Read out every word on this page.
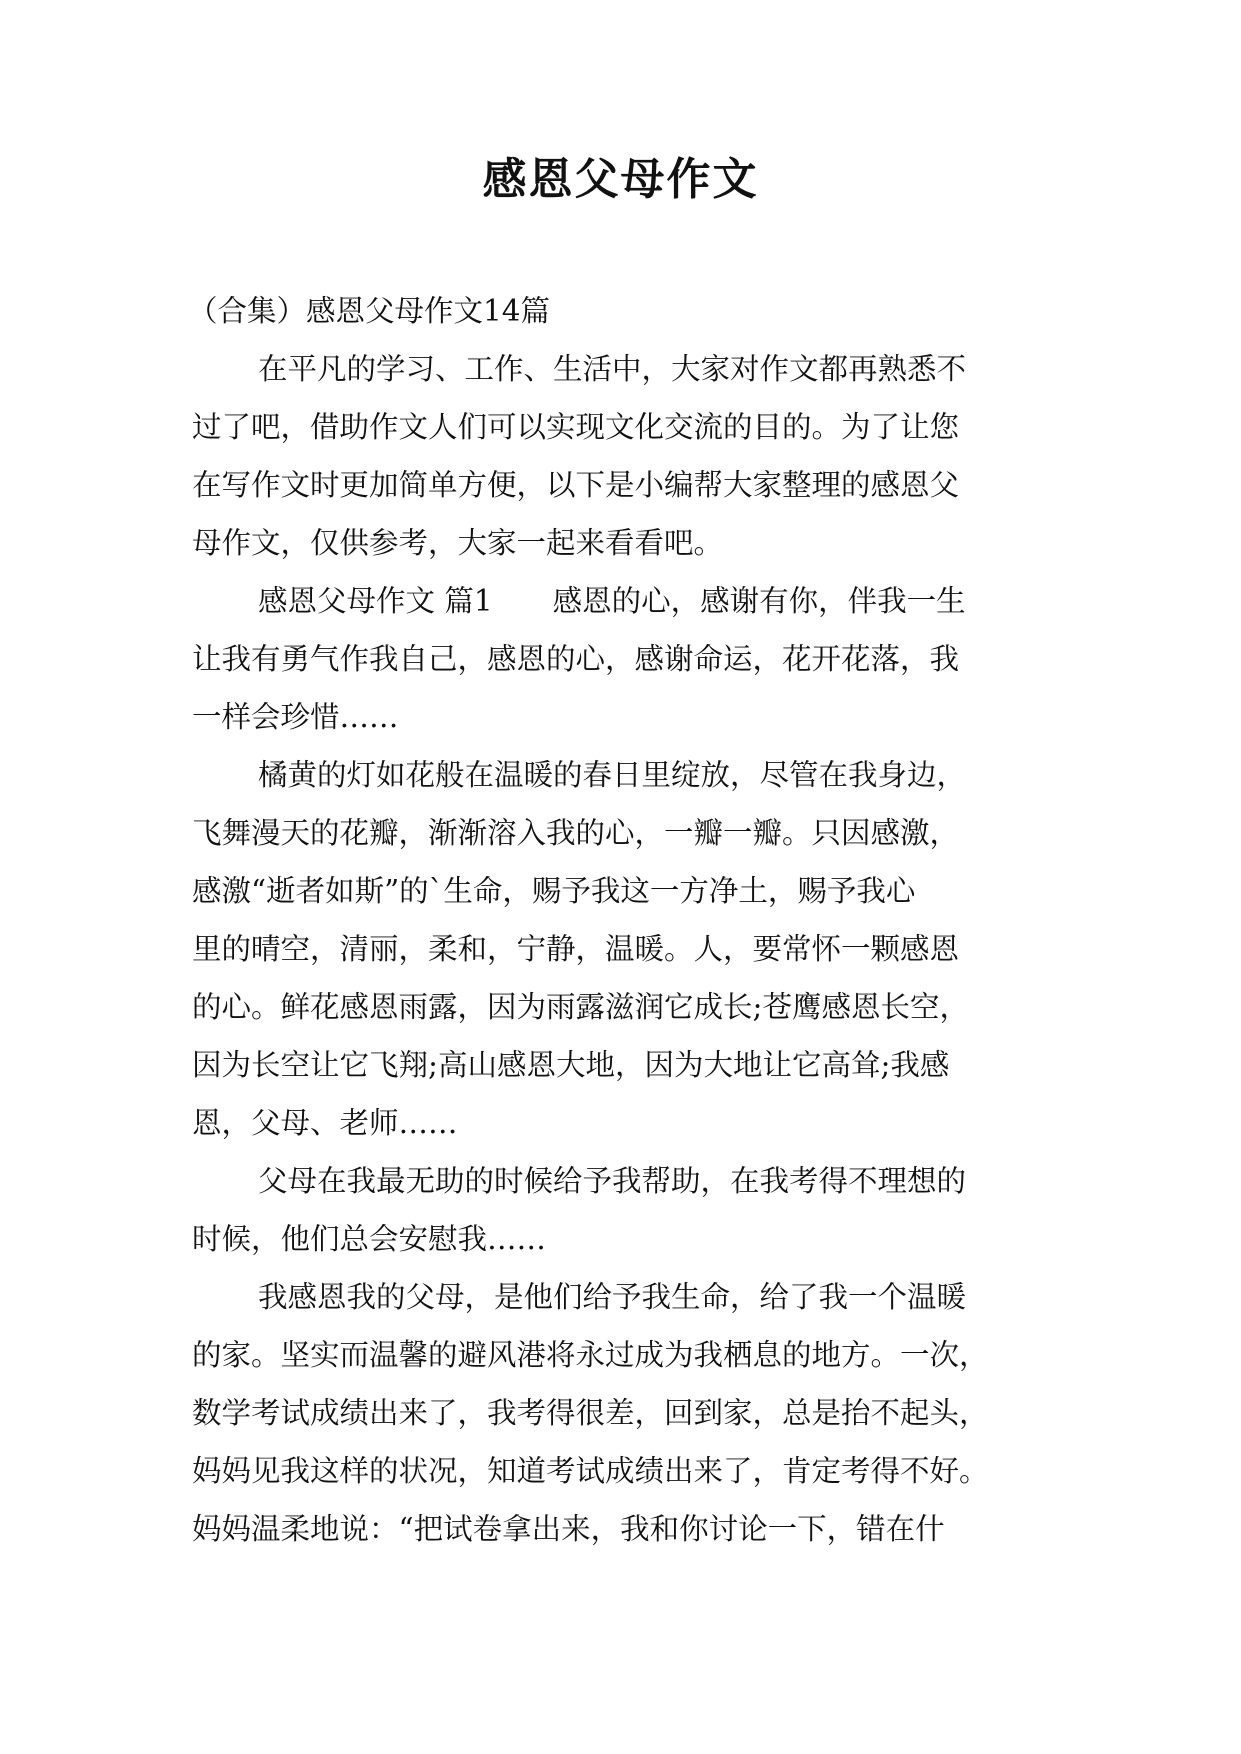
感恩父母作文

（合集）感恩父母作文14篇

在平凡的学习、工作、生活中，大家对作文都再熟悉不

过了吧，借助作文人们可以实现文化交流的目的。为了让您

在写作文时更加简单方便，以下是小编帮大家整理的感恩父

母作文，仅供参考，大家一起来看看吧。

感恩父母作文 篇1 感恩的心，感谢有你，伴我一生

让我有勇气作我自己，感恩的心，感谢命运，花开花落，我

一样会珍惜……

橘黄的灯如花般在温暖的春日里绽放，尽管在我身边，

飞舞漫天的花瓣，渐渐溶入我的心，一瓣一瓣。只因感激，

感激“逝者如斯”的`生命，赐予我这一方净土，赐予我心

里的晴空，清丽，柔和，宁静，温暖。人，要常怀一颗感恩

的心。鲜花感恩雨露，因为雨露滋润它成长;苍鹰感恩长空，

因为长空让它飞翔;高山感恩大地，因为大地让它高耸;我感

恩，父母、老师……

父母在我最无助的时候给予我帮助，在我考得不理想的

时候，他们总会安慰我……

我感恩我的父母，是他们给予我生命，给了我一个温暖

的家。坚实而温馨的避风港将永过成为我栖息的地方。一次，

数学考试成绩出来了，我考得很差，回到家，总是抬不起头，

妈妈见我这样的状况，知道考试成绩出来了，肯定考得不好。

妈妈温柔地说：“把试卷拿出来，我和你讨论一下，错在什
